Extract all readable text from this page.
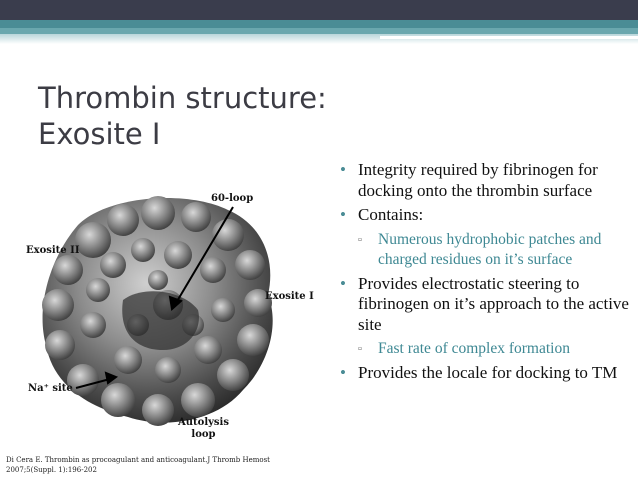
Thrombin structure:
Exosite I
60-loop
Exosite II
Exosite I
Na⁺ site
Autolysis
loop
• Integrity required by fibrinogen for docking onto the thrombin surface
• Contains:
▫ Numerous hydrophobic patches and charged residues on it’s surface
• Provides electrostatic steering to fibrinogen on it’s approach to the active site
▫ Fast rate of complex formation
• Provides the locale for docking to TM
Di Cera E. Thrombin as procoagulant and anticoagulant.J Thromb Hemost
2007;5(Suppl. 1):196-202
